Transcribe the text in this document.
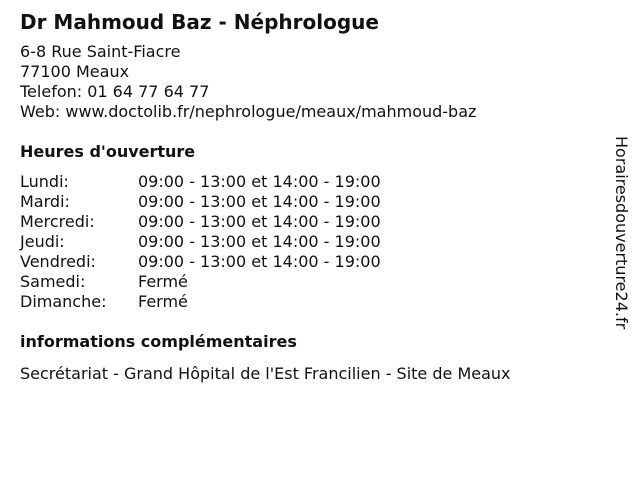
Dr Mahmoud Baz - Néphrologue
6-8 Rue Saint-Fiacre
77100 Meaux
Telefon: 01 64 77 64 77
Web: www.doctolib.fr/nephrologue/meaux/mahmoud-baz
Heures d'ouverture
Lundi:	09:00 - 13:00 et 14:00 - 19:00
Mardi:	09:00 - 13:00 et 14:00 - 19:00
Mercredi:	09:00 - 13:00 et 14:00 - 19:00
Jeudi:	09:00 - 13:00 et 14:00 - 19:00
Vendredi:	09:00 - 13:00 et 14:00 - 19:00
Samedi:	Fermé
Dimanche:	Fermé
informations complémentaires
Secrétariat - Grand Hôpital de l'Est Francilien - Site de Meaux
Horairesdouverture24.fr
